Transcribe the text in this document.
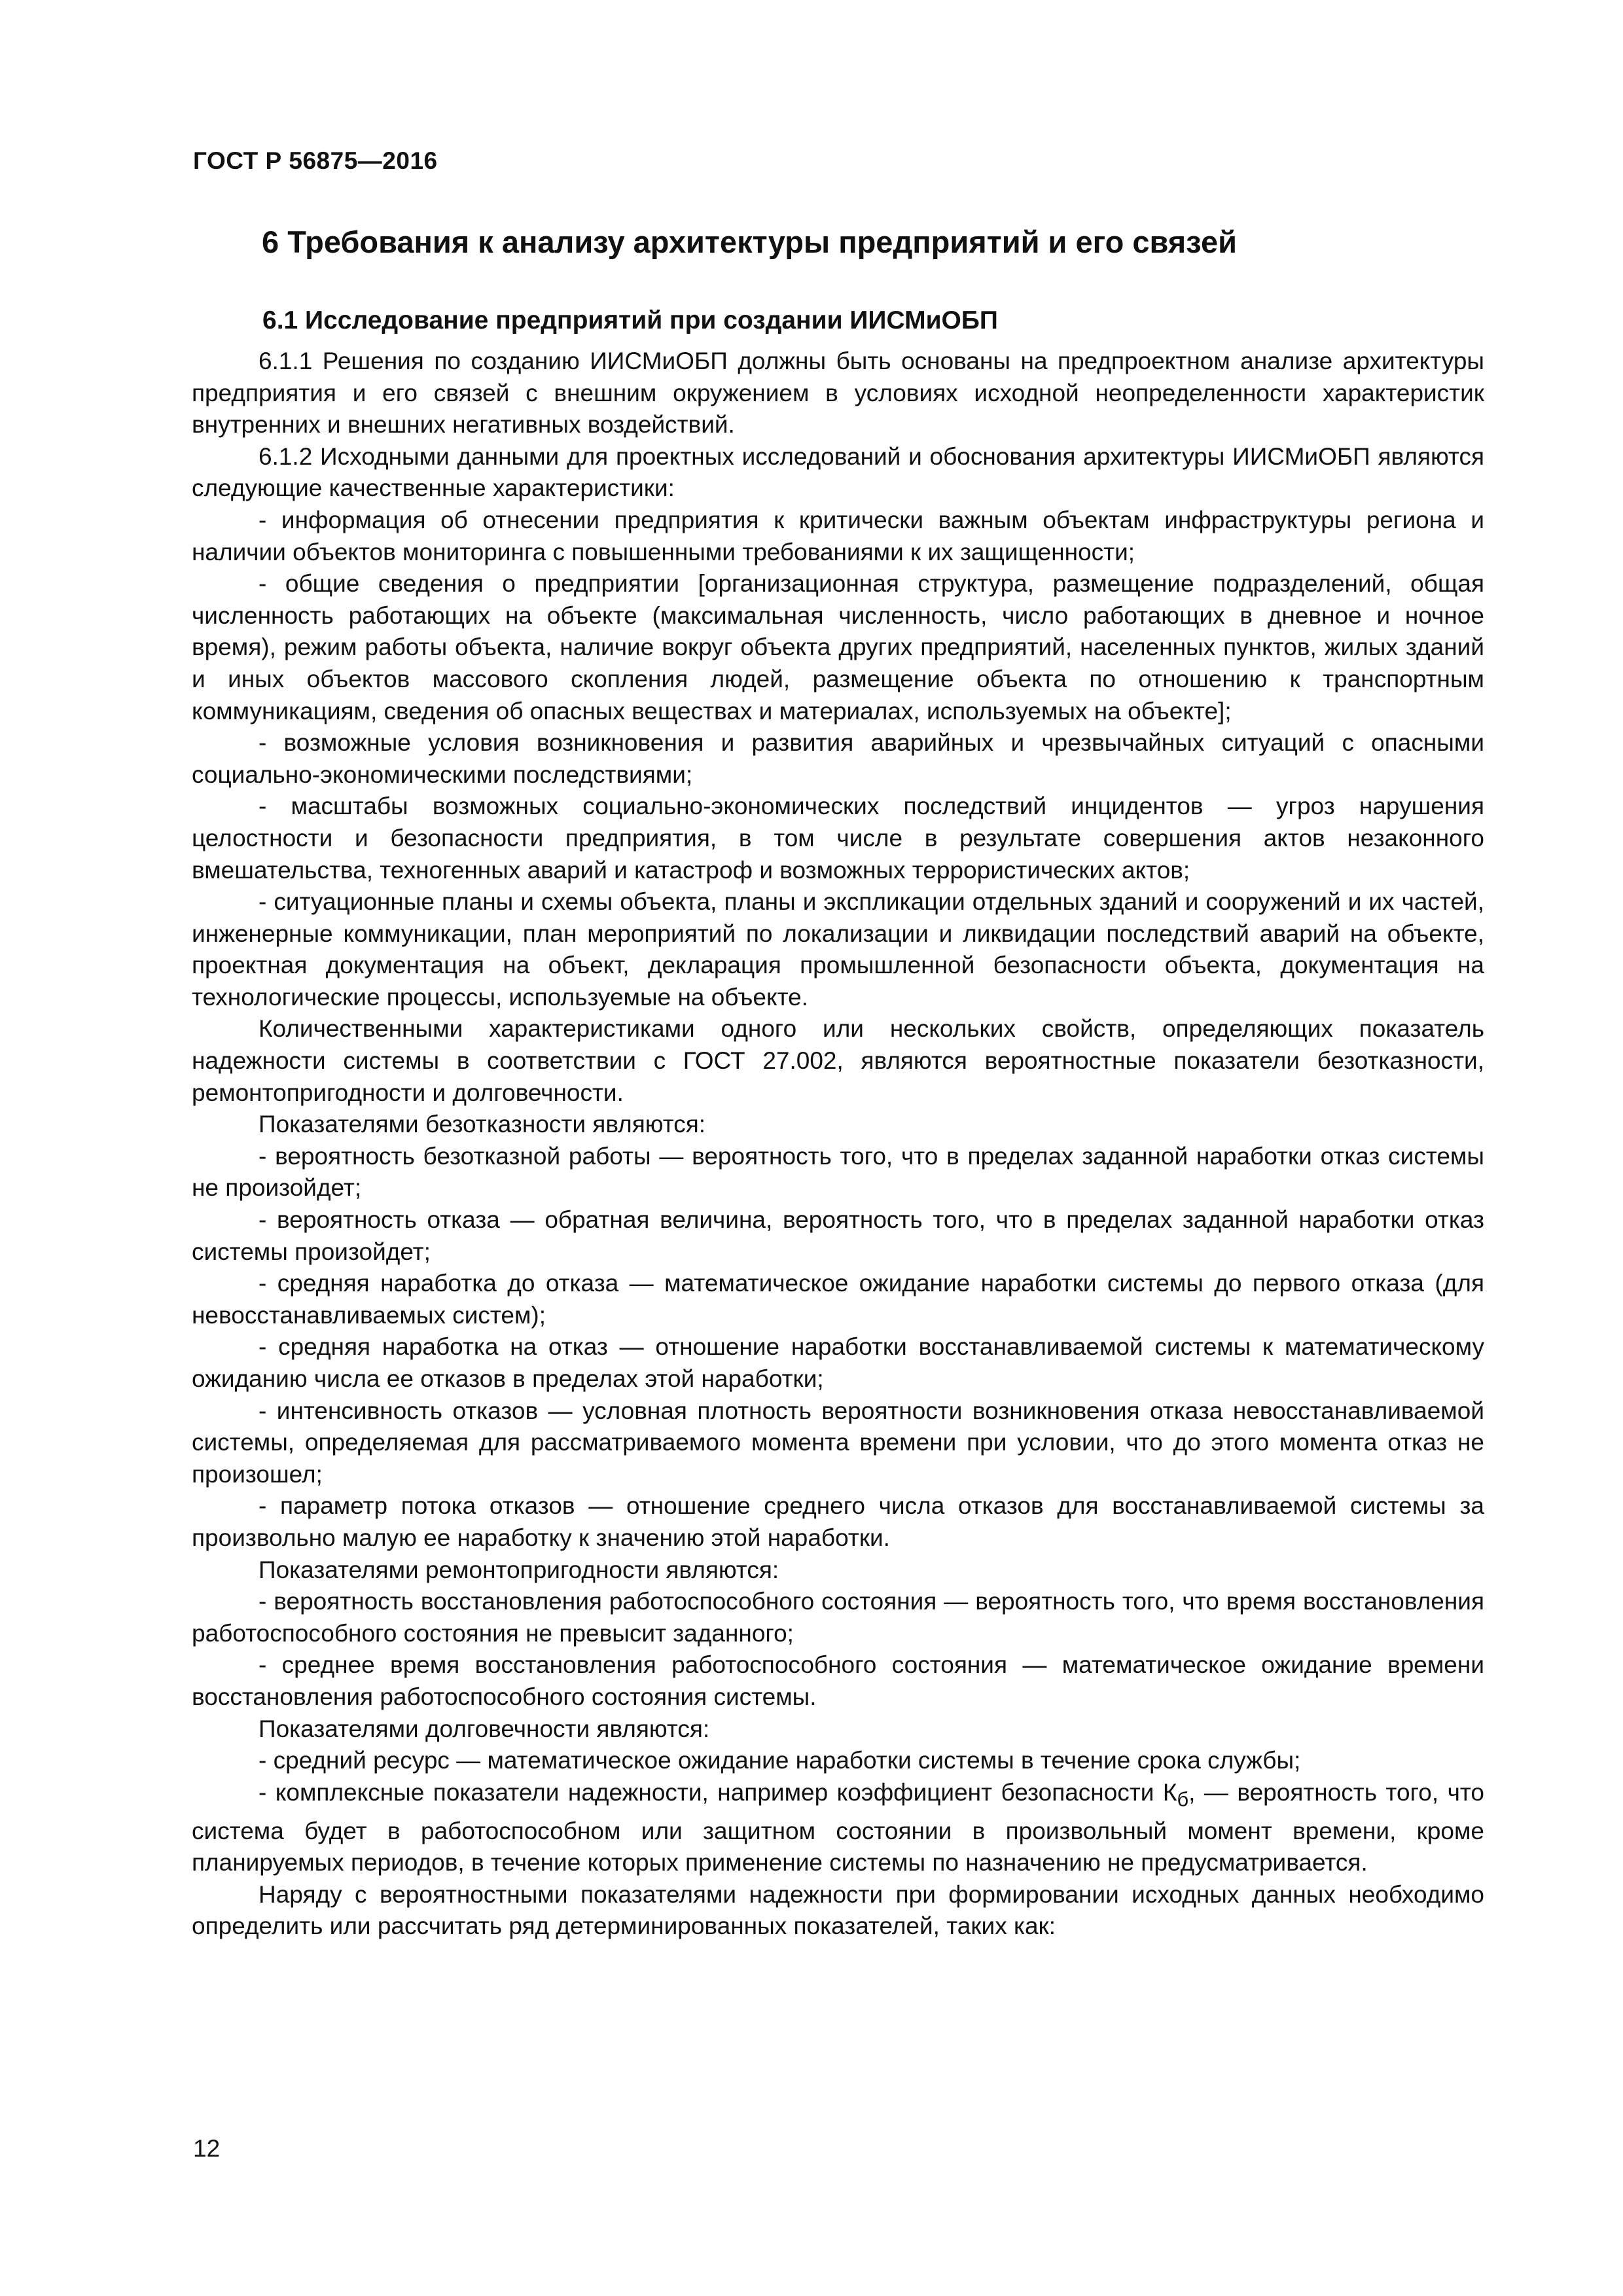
ГОСТ Р 56875—2016
6 Требования к анализу архитектуры предприятий и его связей
6.1 Исследование предприятий при создании ИИСМиОБП

6.1.1 Решения по созданию ИИСМиОБП должны быть основаны на предпроектном анализе архитектуры предприятия и его связей с внешним окружением в условиях исходной неопределенности характеристик внутренних и внешних негативных воздействий.

6.1.2 Исходными данными для проектных исследований и обоснования архитектуры ИИСМиОБП являются следующие качественные характеристики:

- информация об отнесении предприятия к критически важным объектам инфраструктуры региона и наличии объектов мониторинга с повышенными требованиями к их защищенности;

- общие сведения о предприятии [организационная структура, размещение подразделений, общая численность работающих на объекте (максимальная численность, число работающих в дневное и ночное время), режим работы объекта, наличие вокруг объекта других предприятий, населенных пунктов, жилых зданий и иных объектов массового скопления людей, размещение объекта по отношению к транспортным коммуникациям, сведения об опасных веществах и материалах, используемых на объекте];

- возможные условия возникновения и развития аварийных и чрезвычайных ситуаций с опасными социально-экономическими последствиями;

- масштабы возможных социально-экономических последствий инцидентов — угроз нарушения целостности и безопасности предприятия, в том числе в результате совершения актов незаконного вмешательства, техногенных аварий и катастроф и возможных террористических актов;

- ситуационные планы и схемы объекта, планы и экспликации отдельных зданий и сооружений и их частей, инженерные коммуникации, план мероприятий по локализации и ликвидации последствий аварий на объекте, проектная документация на объект, декларация промышленной безопасности объекта, документация на технологические процессы, используемые на объекте.

Количественными характеристиками одного или нескольких свойств, определяющих показатель надежности системы в соответствии с ГОСТ 27.002, являются вероятностные показатели безотказности, ремонтопригодности и долговечности.

Показателями безотказности являются:

- вероятность безотказной работы — вероятность того, что в пределах заданной наработки отказ системы не произойдет;

- вероятность отказа — обратная величина, вероятность того, что в пределах заданной наработки отказ системы произойдет;

- средняя наработка до отказа — математическое ожидание наработки системы до первого отказа (для невосстанавливаемых систем);

- средняя наработка на отказ — отношение наработки восстанавливаемой системы к математическому ожиданию числа ее отказов в пределах этой наработки;

- интенсивность отказов — условная плотность вероятности возникновения отказа невосстанавливаемой системы, определяемая для рассматриваемого момента времени при условии, что до этого момента отказ не произошел;

- параметр потока отказов — отношение среднего числа отказов для восстанавливаемой системы за произвольно малую ее наработку к значению этой наработки.

Показателями ремонтопригодности являются:

- вероятность восстановления работоспособного состояния — вероятность того, что время восстановления работоспособного состояния не превысит заданного;

- среднее время восстановления работоспособного состояния — математическое ожидание времени восстановления работоспособного состояния системы.

Показателями долговечности являются:

- средний ресурс — математическое ожидание наработки системы в течение срока службы;

- комплексные показатели надежности, например коэффициент безопасности $К_б$, — вероятность того, что система будет в работоспособном или защитном состоянии в произвольный момент времени, кроме планируемых периодов, в течение которых применение системы по назначению не предусматривается.

Наряду с вероятностными показателями надежности при формировании исходных данных необходимо определить или рассчитать ряд детерминированных показателей, таких как:

12
